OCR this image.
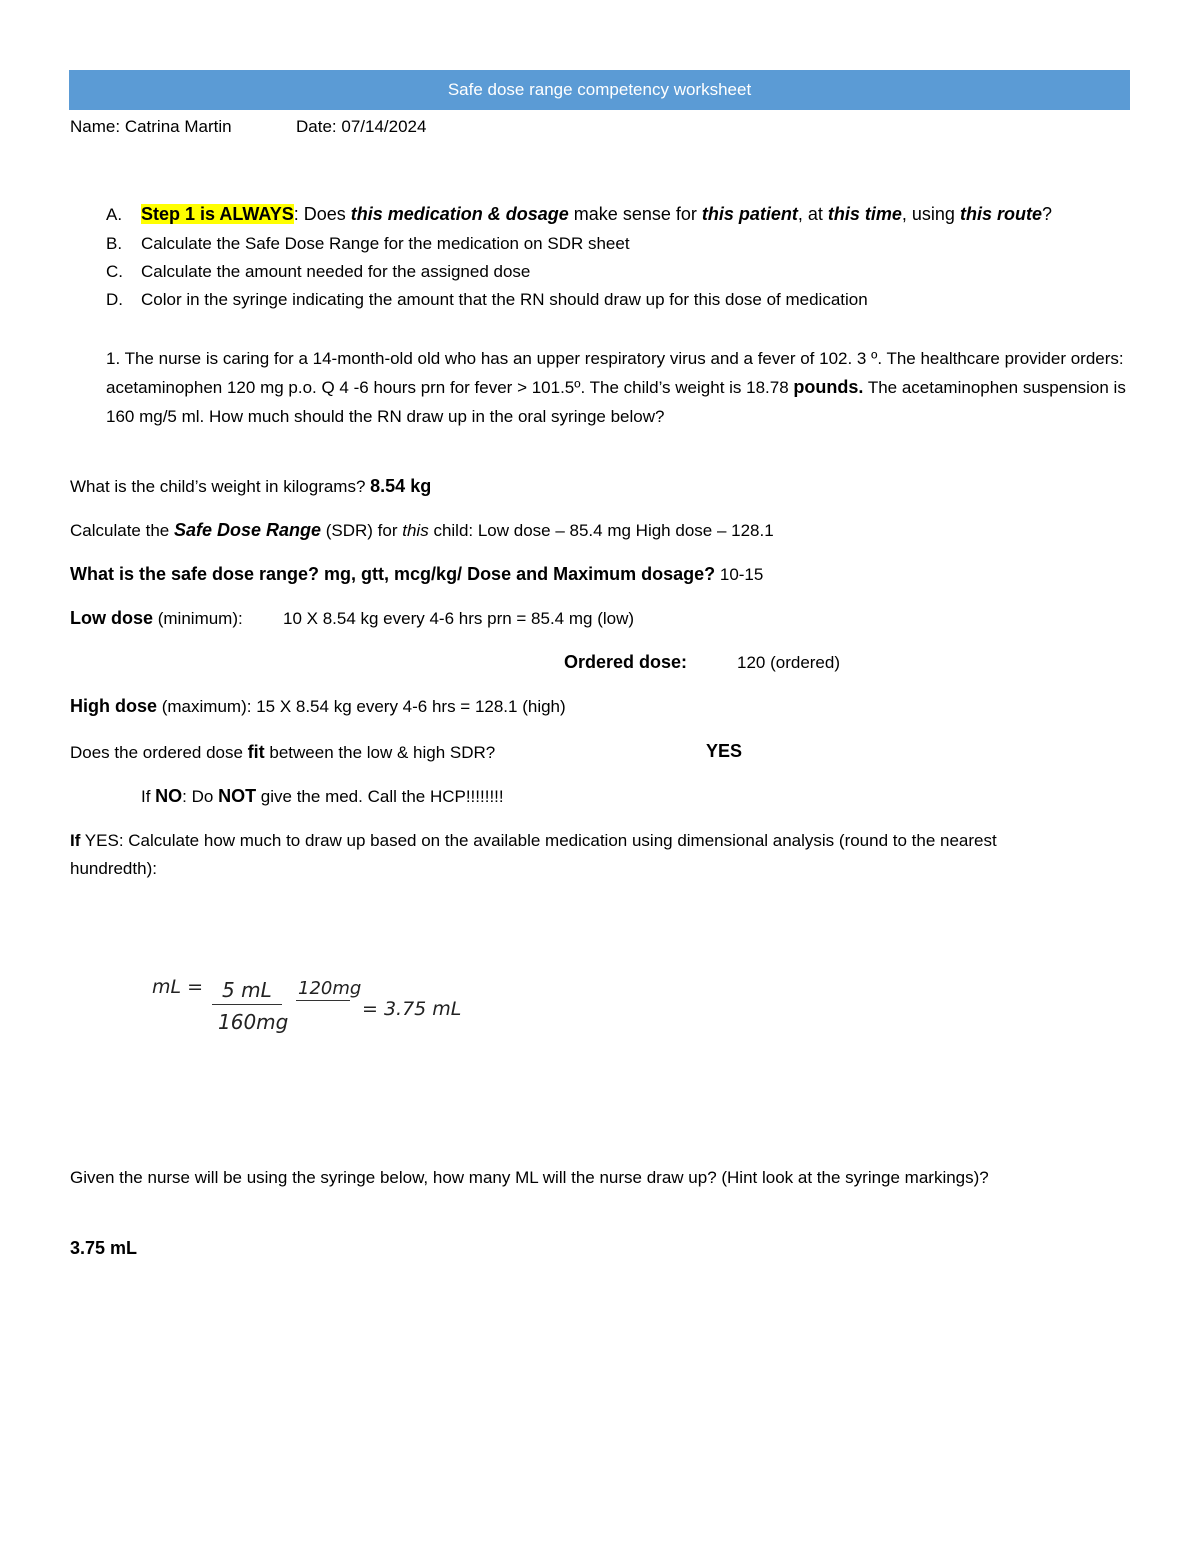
Safe dose range competency worksheet
Name: Catrina Martin	Date: 07/14/2024
A. Step 1 is ALWAYS: Does this medication & dosage make sense for this patient, at this time, using this route?
B. Calculate the Safe Dose Range for the medication on SDR sheet
C. Calculate the amount needed for the assigned dose
D. Color in the syringe indicating the amount that the RN should draw up for this dose of medication
1. The nurse is caring for a 14-month-old old who has an upper respiratory virus and a fever of 102. 3 º. The healthcare provider orders: acetaminophen 120 mg p.o. Q 4 -6 hours prn for fever > 101.5º. The child’s weight is 18.78 pounds. The acetaminophen suspension is 160 mg/5 ml. How much should the RN draw up in the oral syringe below?
What is the child’s weight in kilograms? 8.54 kg
Calculate the Safe Dose Range (SDR) for this child: Low dose – 85.4 mg High dose – 128.1
What is the safe dose range? mg, gtt, mcg/kg/ Dose and Maximum dosage? 10-15
Low dose (minimum): 10 X 8.54 kg every 4-6 hrs prn = 85.4 mg (low)
Ordered dose:	120 (ordered)
High dose (maximum): 15 X 8.54 kg every 4-6 hrs = 128.1 (high)
Does the ordered dose fit between the low & high SDR?	YES
If NO: Do NOT give the med. Call the HCP!!!!!!!!
If YES: Calculate how much to draw up based on the available medication using dimensional analysis (round to the nearest hundredth):
mL = 5 mL
160mg
120mg
= 3.75 mL
Given the nurse will be using the syringe below, how many ML will the nurse draw up? (Hint look at the syringe markings)?
3.75 mL
